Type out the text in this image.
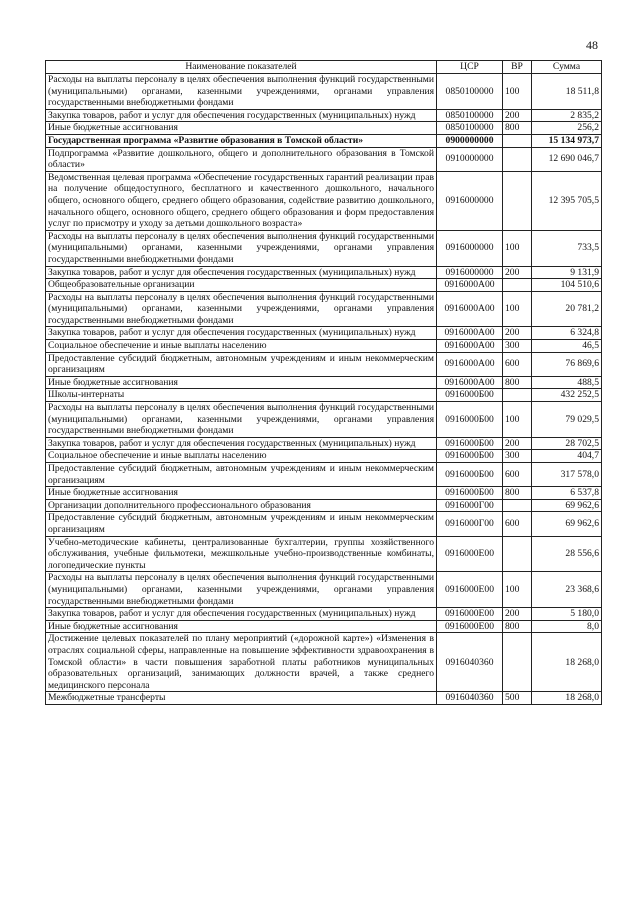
48
Наименование показателей	ЦСР	ВР	Сумма
Расходы на выплаты персоналу в целях обеспечения выполнения функций государственными (муниципальными) органами, казенными учреждениями, органами управления государственными внебюджетными фондами	0850100000	100	18 511,8
Закупка товаров, работ и услуг для обеспечения государственных (муниципальных) нужд	0850100000	200	2 835,2
Иные бюджетные ассигнования	0850100000	800	256,2
Государственная программа «Развитие образования в Томской области»	0900000000		15 134 973,7
Подпрограмма «Развитие дошкольного, общего и дополнительного образования в Томской области»	0910000000		12 690 046,7
Ведомственная целевая программа «Обеспечение государственных гарантий реализации прав на получение общедоступного, бесплатного и качественного дошкольного, начального общего, основного общего, среднего общего образования, содействие развитию дошкольного, начального общего, основного общего, среднего общего образования и форм предоставления услуг по присмотру и уходу за детьми дошкольного возраста»	0916000000		12 395 705,5
Расходы на выплаты персоналу в целях обеспечения выполнения функций государственными (муниципальными) органами, казенными учреждениями, органами управления государственными внебюджетными фондами	0916000000	100	733,5
Закупка товаров, работ и услуг для обеспечения государственных (муниципальных) нужд	0916000000	200	9 131,9
Общеобразовательные организации	0916000А00		104 510,6
Расходы на выплаты персоналу в целях обеспечения выполнения функций государственными (муниципальными) органами, казенными учреждениями, органами управления государственными внебюджетными фондами	0916000А00	100	20 781,2
Закупка товаров, работ и услуг для обеспечения государственных (муниципальных) нужд	0916000А00	200	6 324,8
Социальное обеспечение и иные выплаты населению	0916000А00	300	46,5
Предоставление субсидий бюджетным, автономным учреждениям и иным некоммерческим организациям	0916000А00	600	76 869,6
Иные бюджетные ассигнования	0916000А00	800	488,5
Школы-интернаты	0916000Б00		432 252,5
Расходы на выплаты персоналу в целях обеспечения выполнения функций государственными (муниципальными) органами, казенными учреждениями, органами управления государственными внебюджетными фондами	0916000Б00	100	79 029,5
Закупка товаров, работ и услуг для обеспечения государственных (муниципальных) нужд	0916000Б00	200	28 702,5
Социальное обеспечение и иные выплаты населению	0916000Б00	300	404,7
Предоставление субсидий бюджетным, автономным учреждениям и иным некоммерческим организациям	0916000Б00	600	317 578,0
Иные бюджетные ассигнования	0916000Б00	800	6 537,8
Организации дополнительного профессионального образования	0916000Г00		69 962,6
Предоставление субсидий бюджетным, автономным учреждениям и иным некоммерческим организациям	0916000Г00	600	69 962,6
Учебно-методические кабинеты, централизованные бухгалтерии, группы хозяйственного обслуживания, учебные фильмотеки, межшкольные учебно-производственные комбинаты, логопедические пункты	0916000Е00		28 556,6
Расходы на выплаты персоналу в целях обеспечения выполнения функций государственными (муниципальными) органами, казенными учреждениями, органами управления государственными внебюджетными фондами	0916000Е00	100	23 368,6
Закупка товаров, работ и услуг для обеспечения государственных (муниципальных) нужд	0916000Е00	200	5 180,0
Иные бюджетные ассигнования	0916000Е00	800	8,0
Достижение целевых показателей по плану мероприятий («дорожной карте») «Изменения в отраслях социальной сферы, направленные на повышение эффективности здравоохранения в Томской области» в части повышения заработной платы работников муниципальных образовательных организаций, занимающих должности врачей, а также среднего медицинского персонала	0916040360		18 268,0
Межбюджетные трансферты	0916040360	500	18 268,0
